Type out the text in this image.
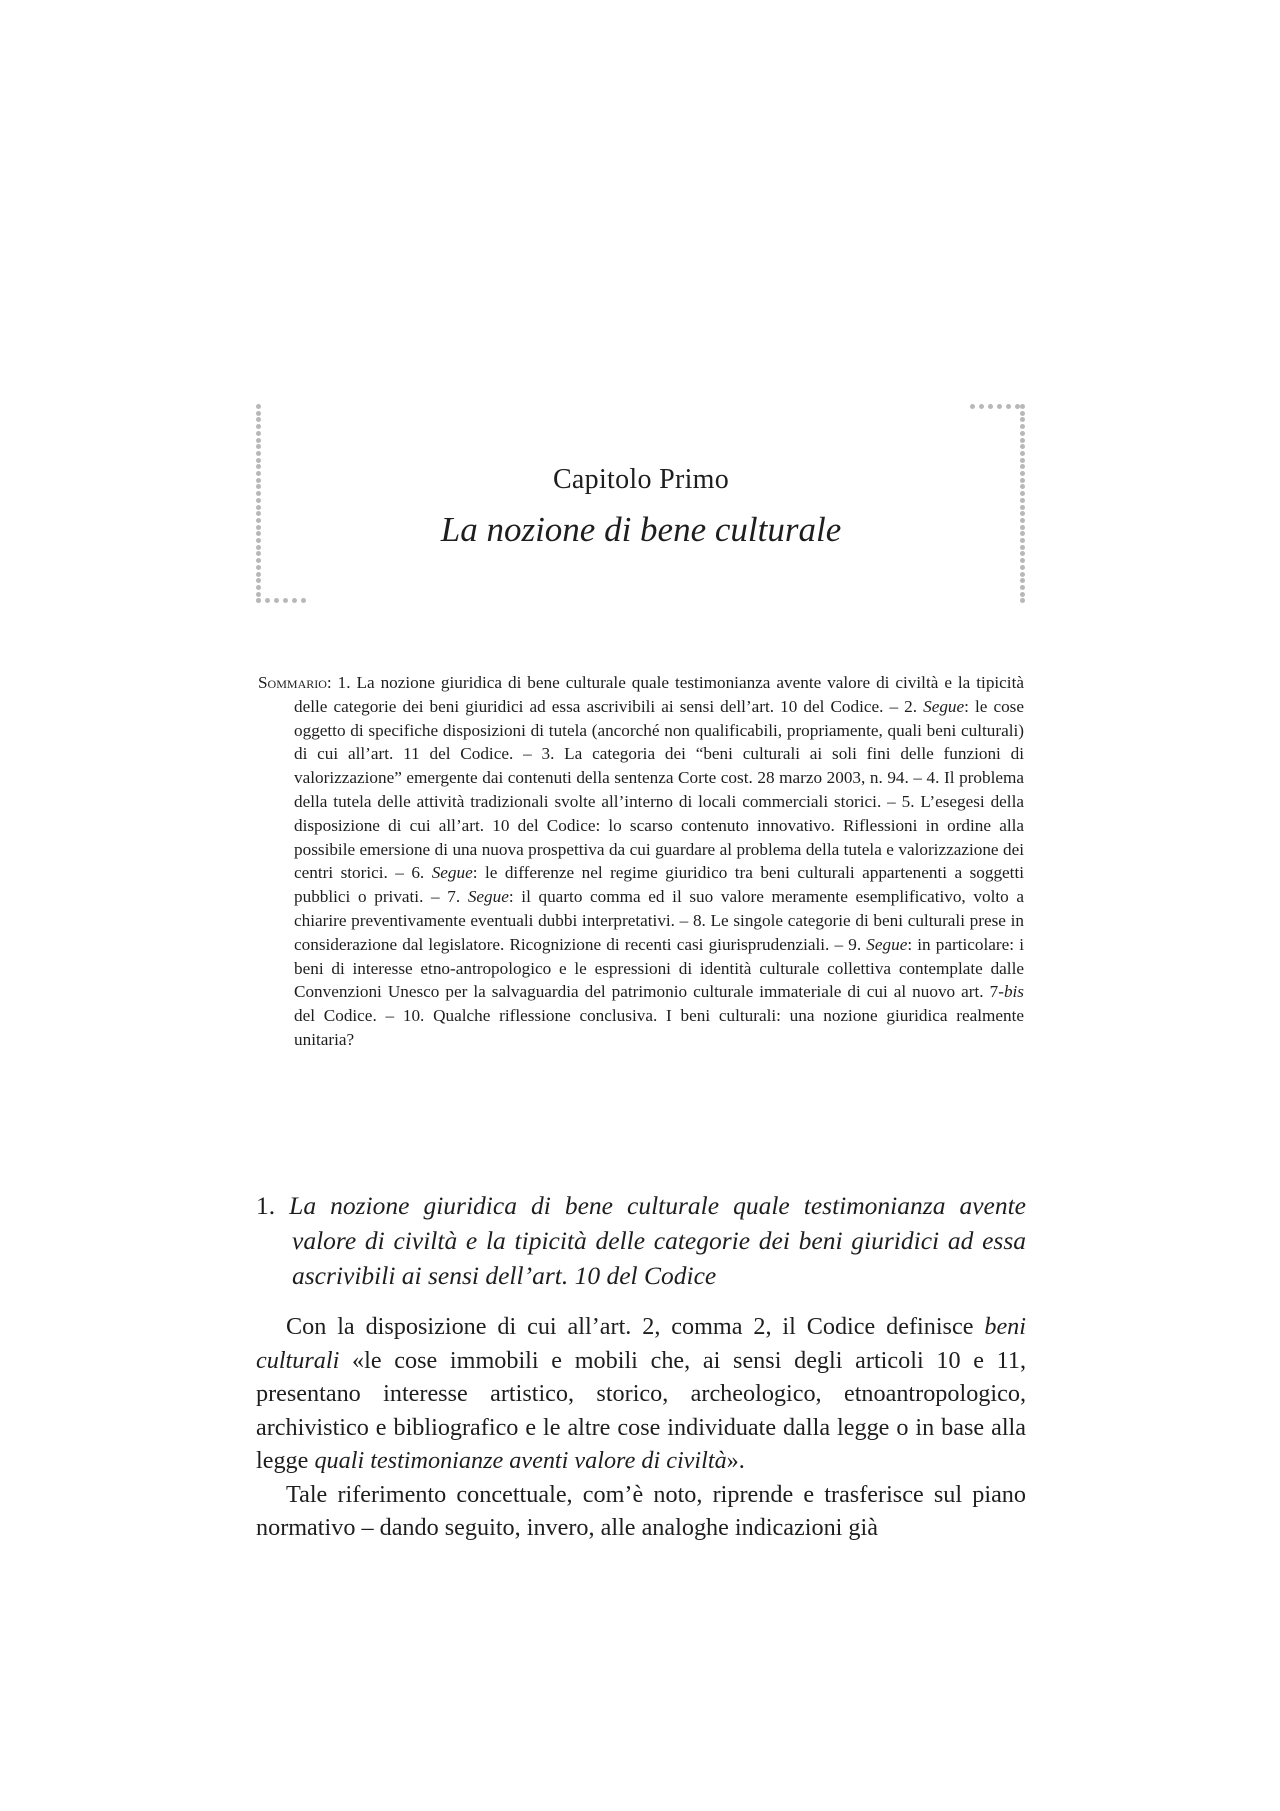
Capitolo Primo

La nozione di bene culturale

Sommario: 1. La nozione giuridica di bene culturale quale testimonianza avente valore di civiltà e la tipicità delle categorie dei beni giuridici ad essa ascrivibili ai sensi dell’art. 10 del Codice. – 2. Segue: le cose oggetto di specifiche disposizioni di tutela (ancorché non qualificabili, propriamente, quali beni culturali) di cui all’art. 11 del Codice. – 3. La categoria dei “beni culturali ai soli fini delle funzioni di valorizzazione” emergente dai contenuti della sentenza Corte cost. 28 marzo 2003, n. 94. – 4. Il problema della tutela delle attività tradizionali svolte all’interno di locali commerciali storici. – 5. L’esegesi della disposizione di cui all’art. 10 del Codice: lo scarso contenuto innovativo. Riflessioni in ordine alla possibile emersione di una nuova prospettiva da cui guardare al problema della tutela e valorizzazione dei centri storici. – 6. Segue: le differenze nel regime giuridico tra beni culturali appartenenti a soggetti pubblici o privati. – 7. Segue: il quarto comma ed il suo valore meramente esemplificativo, volto a chiarire preventivamente eventuali dubbi interpretativi. – 8. Le singole categorie di beni culturali prese in considerazione dal legislatore. Ricognizione di recenti casi giurisprudenziali. – 9. Segue: in particolare: i beni di interesse etno-antropologico e le espressioni di identità culturale collettiva contemplate dalle Convenzioni Unesco per la salvaguardia del patrimonio culturale immateriale di cui al nuovo art. 7-bis del Codice. – 10. Qualche riflessione conclusiva. I beni culturali: una nozione giuridica realmente unitaria?
1. La nozione giuridica di bene culturale quale testimonianza avente valore di civiltà e la tipicità delle categorie dei beni giuridici ad essa ascrivibili ai sensi dell’art. 10 del Codice

Con la disposizione di cui all’art. 2, comma 2, il Codice definisce beni culturali «le cose immobili e mobili che, ai sensi degli articoli 10 e 11, presentano interesse artistico, storico, archeologico, etnoantropologico, archivistico e bibliografico e le altre cose individuate dalla legge o in base alla legge quali testimonianze aventi valore di civiltà».

Tale riferimento concettuale, com’è noto, riprende e trasferisce sul piano normativo – dando seguito, invero, alle analoghe indicazioni già
